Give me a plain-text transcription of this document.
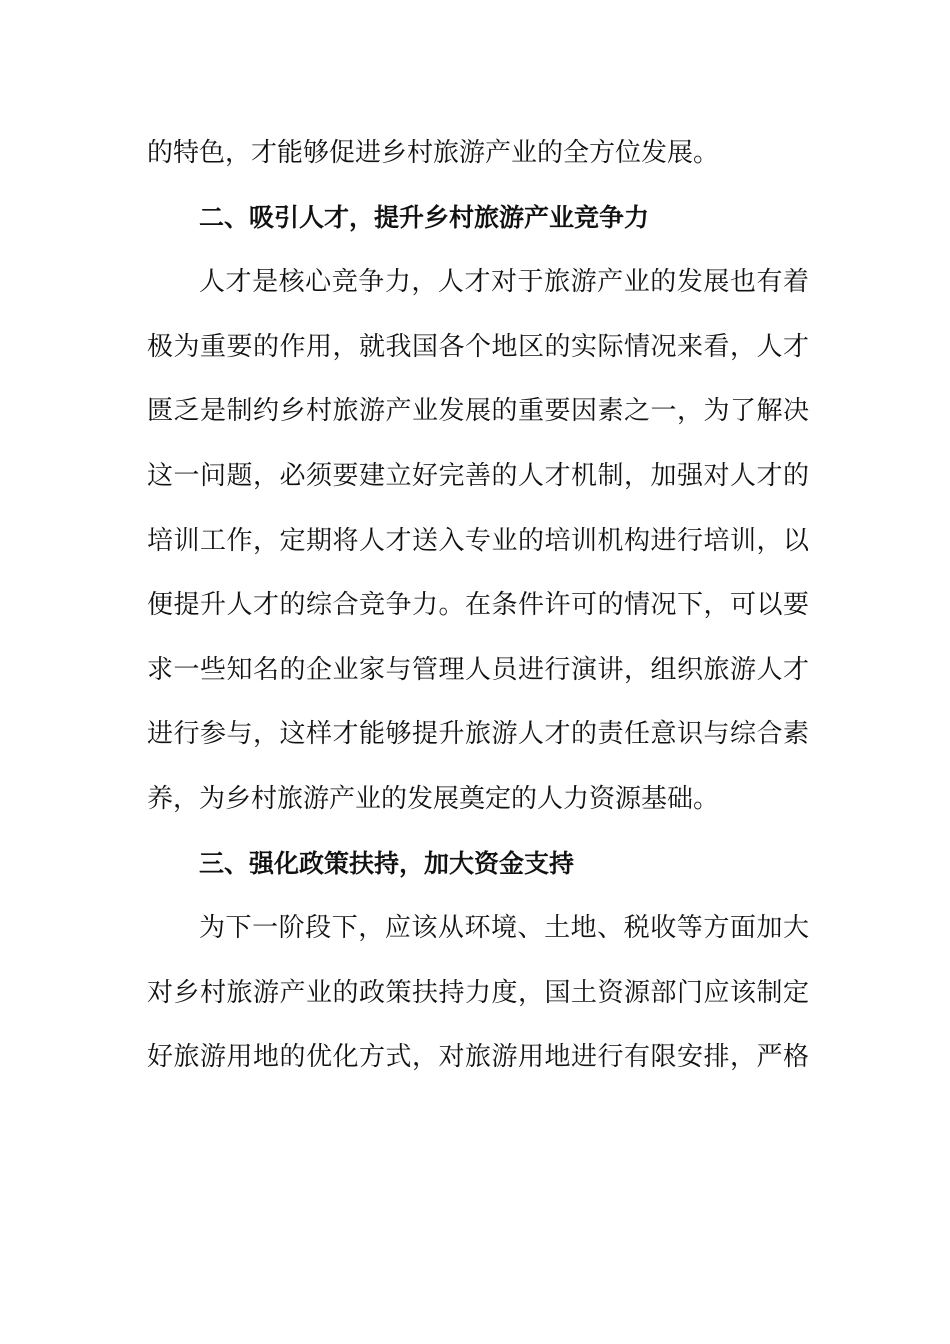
的特色，才能够促进乡村旅游产业的全方位发展。
二、吸引人才，提升乡村旅游产业竞争力
人才是核心竞争力，人才对于旅游产业的发展也有着
极为重要的作用，就我国各个地区的实际情况来看，人才
匮乏是制约乡村旅游产业发展的重要因素之一，为了解决
这一问题，必须要建立好完善的人才机制，加强对人才的
培训工作，定期将人才送入专业的培训机构进行培训，以
便提升人才的综合竞争力。在条件许可的情况下，可以要
求一些知名的企业家与管理人员进行演讲，组织旅游人才
进行参与，这样才能够提升旅游人才的责任意识与综合素
养，为乡村旅游产业的发展奠定的人力资源基础。
三、强化政策扶持，加大资金支持
为下一阶段下，应该从环境、土地、税收等方面加大
对乡村旅游产业的政策扶持力度，国土资源部门应该制定
好旅游用地的优化方式，对旅游用地进行有限安排，严格
